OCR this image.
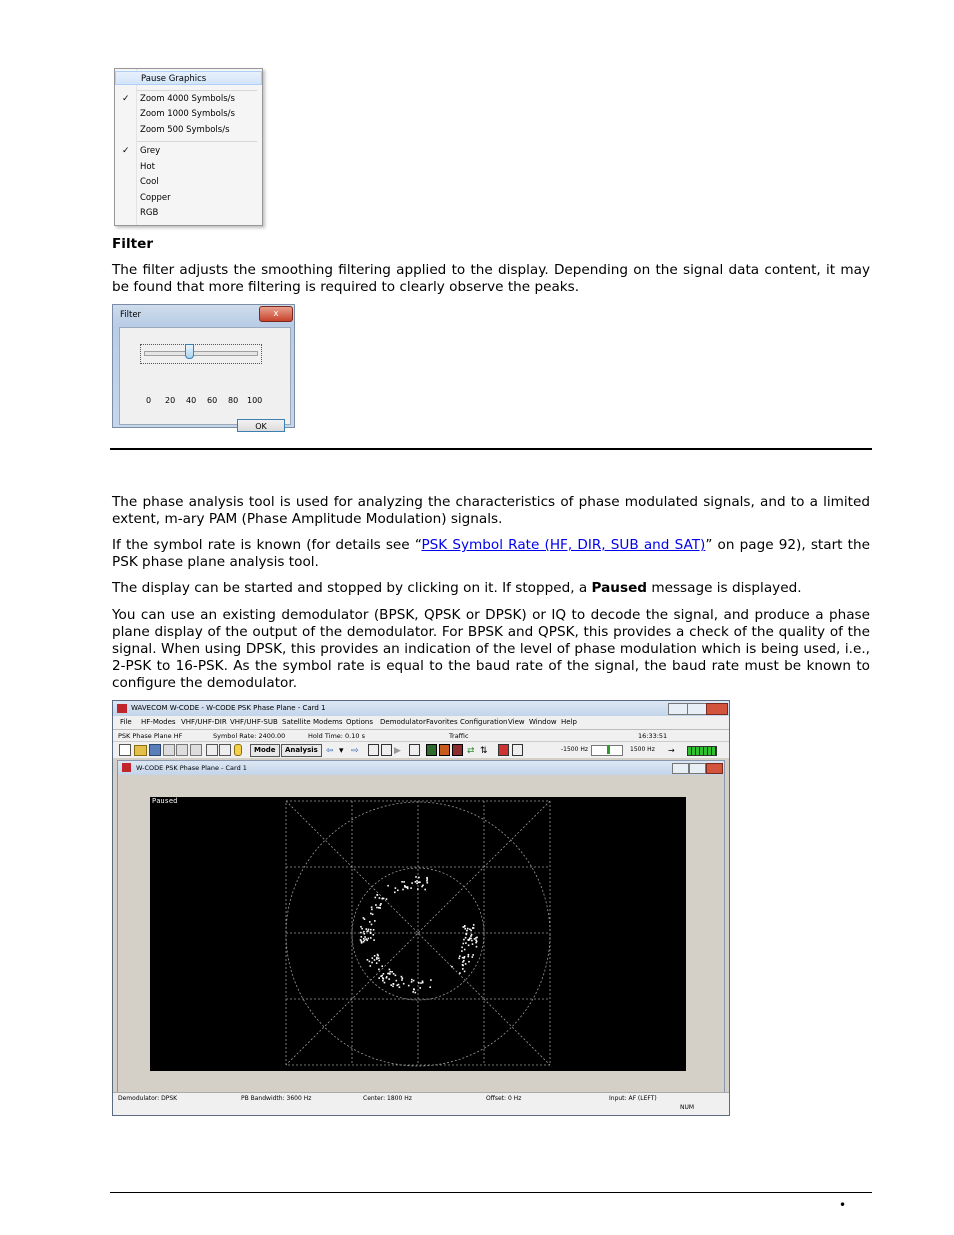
Pause Graphics
✓ Zoom 4000 Symbols/s
Zoom 1000 Symbols/s
Zoom 500 Symbols/s
✓ Grey
Hot
Cool
Copper
RGB
Filter

The filter adjusts the smoothing filtering applied to the display. Depending on the signal data content, it may be found that more filtering is required to clearly observe the peaks.

Filter	x
0 20 40 60 80 100
OK

The phase analysis tool is used for analyzing the characteristics of phase modulated signals, and to a limited extent, m-ary PAM (Phase Amplitude Modulation) signals.

If the symbol rate is known (for details see “PSK Symbol Rate (HF, DIR, SUB and SAT)” on page 92), start the PSK phase plane analysis tool.

The display can be started and stopped by clicking on it. If stopped, a Paused message is displayed.

You can use an existing demodulator (BPSK, QPSK or DPSK) or IQ to decode the signal, and produce a phase plane display of the output of the demodulator. For BPSK and QPSK, this provides a check of the quality of the signal. When using DPSK, this provides an indication of the level of phase modulation which is being used, i.e., 2-PSK to 16-PSK. As the symbol rate is equal to the baud rate of the signal, the baud rate must be known to configure the demodulator.

WAVECOM W-CODE - W-CODE PSK Phase Plane - Card 1
File HF-Modes VHF/UHF-DIR VHF/UHF-SUB Satellite Modems Options Demodulator Favorites Configuration View Window Help
PSK Phase Plane HF	Symbol Rate: 2400.00	Hold Time: 0.10 s	Traffic	16:33:51
Mode	Analysis ⇦ ▾ ⇨	▶	⇄ ⇅	-1500 Hz	1500 Hz →
W-CODE PSK Phase Plane - Card 1
Paused
Demodulator: DPSK	PB Bandwidth: 3600 Hz	Center: 1800 Hz	Offset: 0 Hz	Input: AF (LEFT)
NUM
•
